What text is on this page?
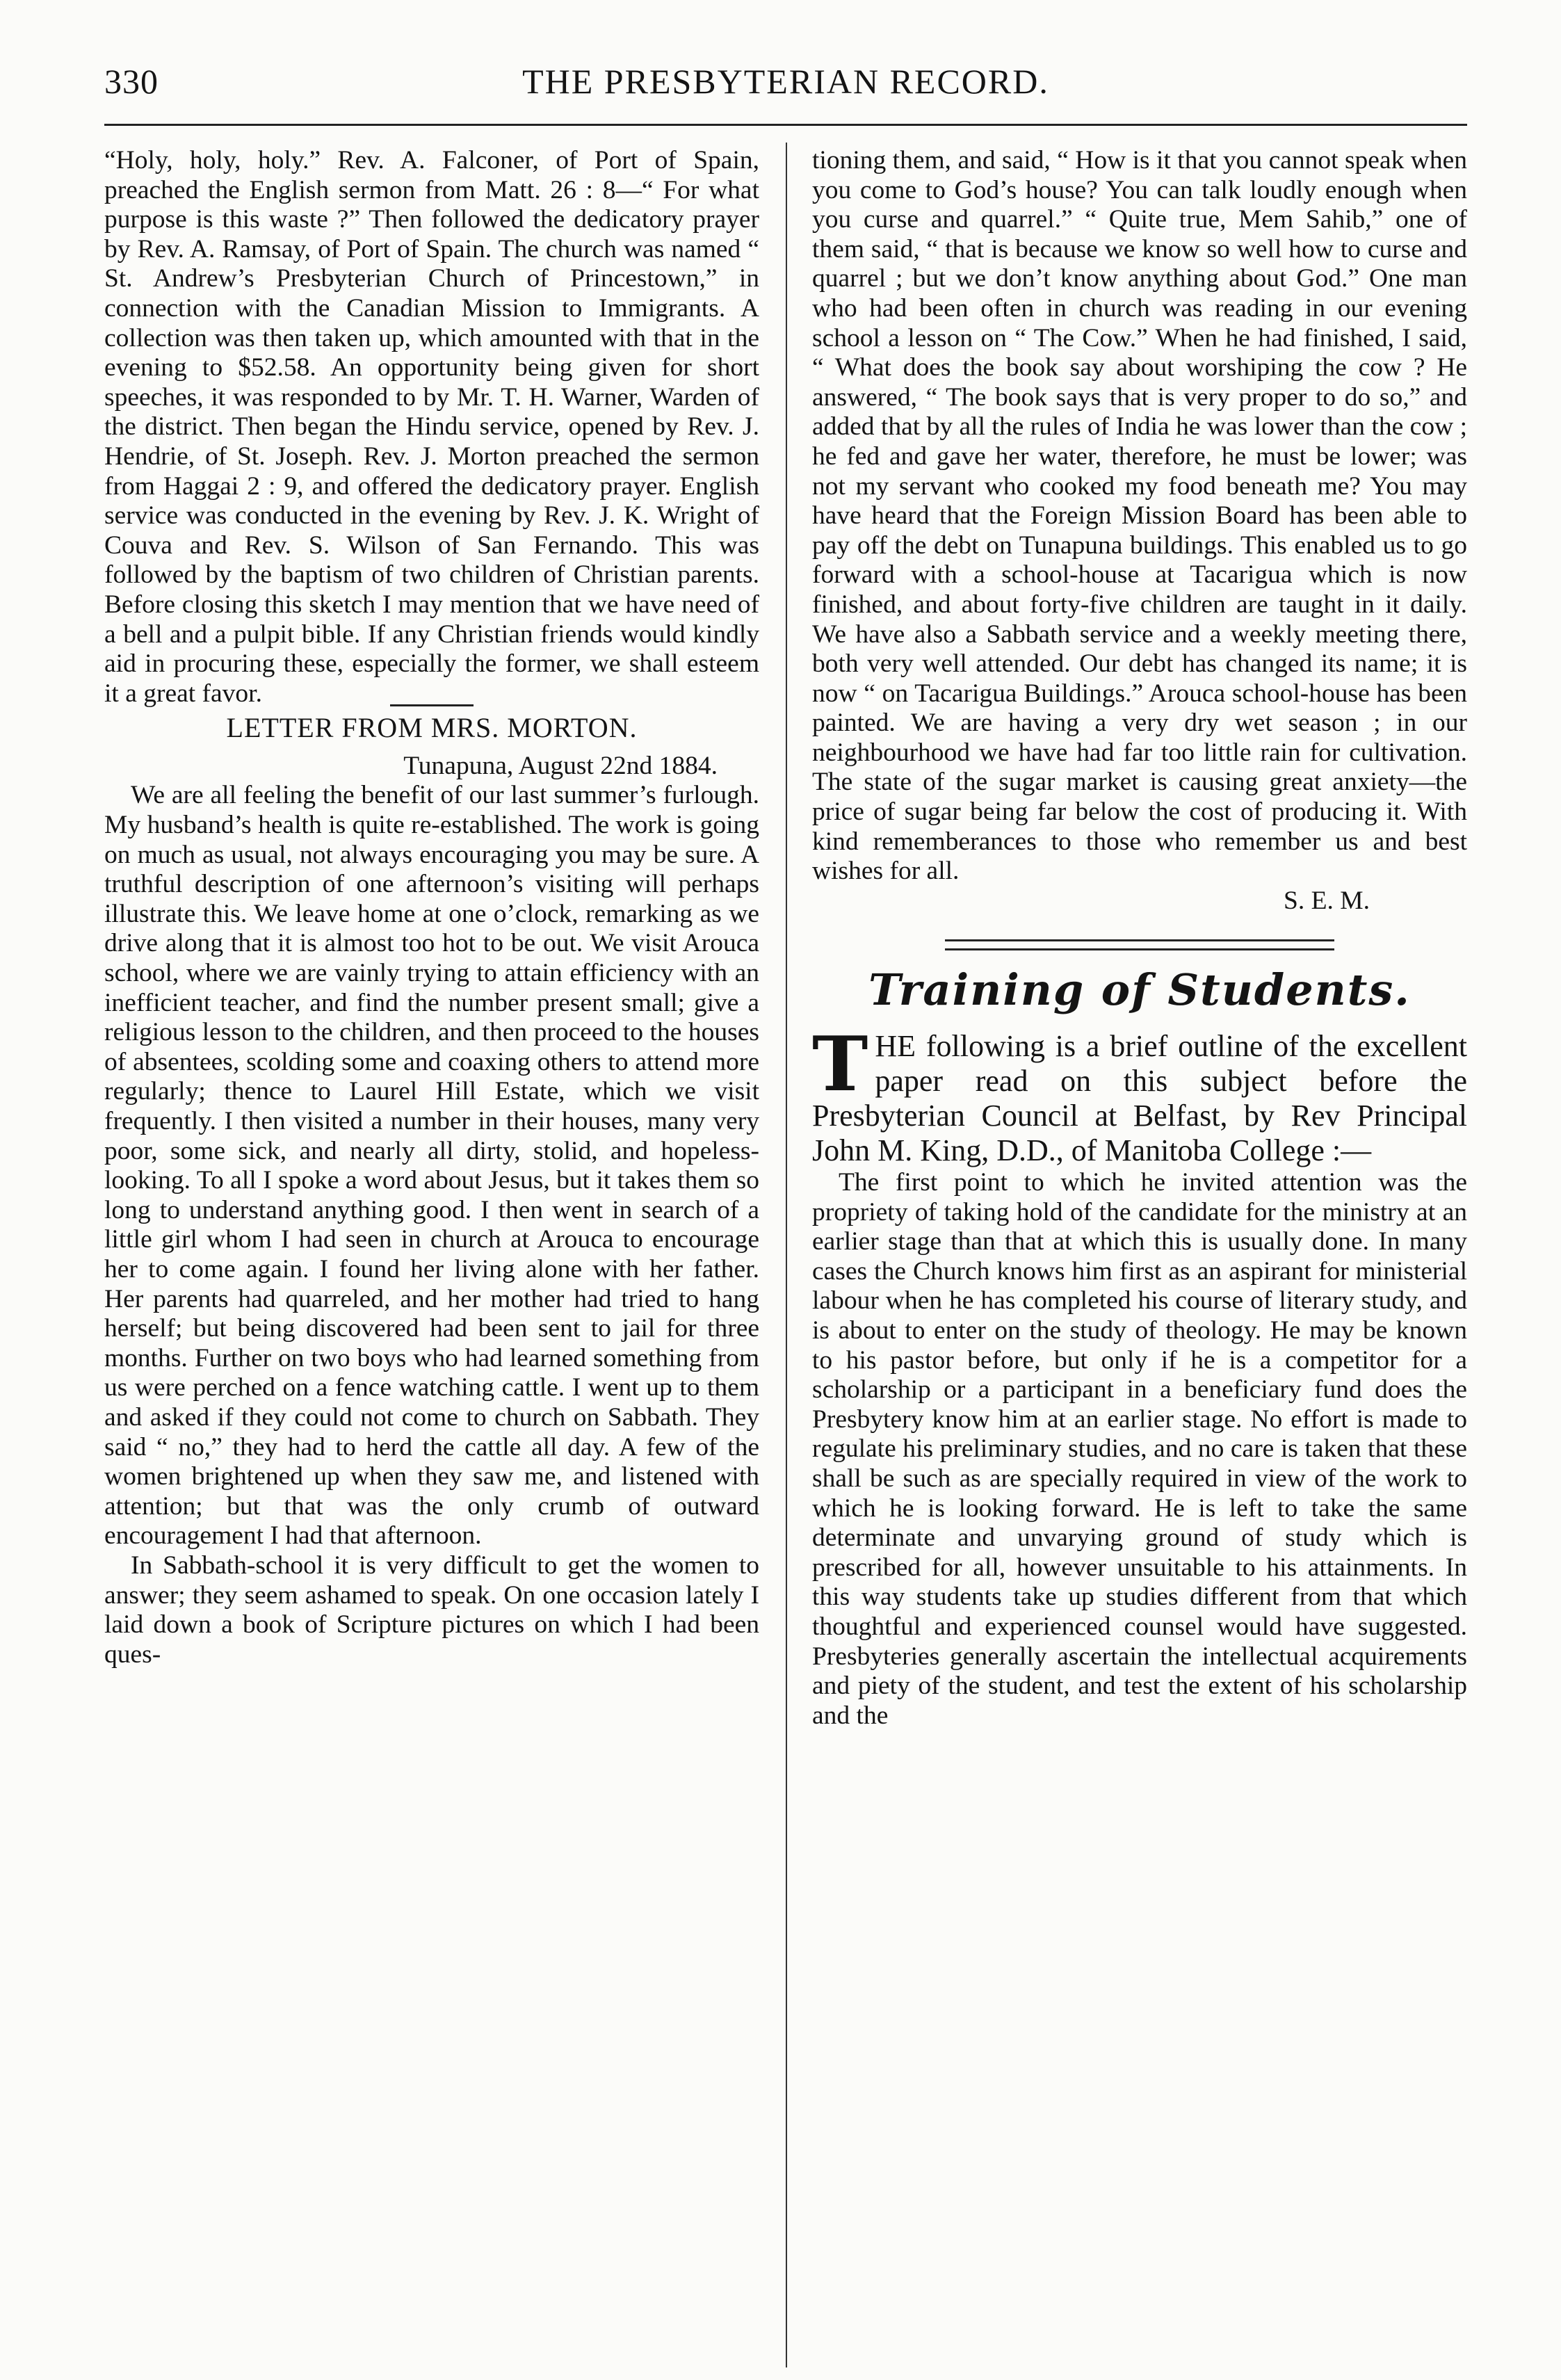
330	THE PRESBYTERIAN RECORD.

“Holy, holy, holy.” Rev. A. Falconer, of Port of Spain, preached the English sermon from Matt. 26 : 8—“ For what purpose is this waste ?” Then followed the dedicatory prayer by Rev. A. Ramsay, of Port of Spain. The church was named “ St. Andrew’s Presbyterian Church of Princestown,” in connection with the Canadian Mission to Immigrants. A collection was then taken up, which amounted with that in the evening to $52.58. An opportunity being given for short speeches, it was responded to by Mr. T. H. Warner, Warden of the district. Then began the Hindu service, opened by Rev. J. Hendrie, of St. Joseph. Rev. J. Morton preached the sermon from Haggai 2 : 9, and offered the dedicatory prayer. English service was conducted in the evening by Rev. J. K. Wright of Couva and Rev. S. Wilson of San Fernando. This was followed by the baptism of two children of Christian parents. Before closing this sketch I may mention that we have need of a bell and a pulpit bible. If any Christian friends would kindly aid in procuring these, especially the former, we shall esteem it a great favor.

LETTER FROM MRS. MORTON.

Tunapuna, August 22nd 1884.

We are all feeling the benefit of our last summer’s furlough. My husband’s health is quite re-established. The work is going on much as usual, not always encouraging you may be sure. A truthful description of one afternoon’s visiting will perhaps illustrate this. We leave home at one o’clock, remarking as we drive along that it is almost too hot to be out. We visit Arouca school, where we are vainly trying to attain efficiency with an inefficient teacher, and find the number present small; give a religious lesson to the children, and then proceed to the houses of absentees, scolding some and coaxing others to attend more regularly; thence to Laurel Hill Estate, which we visit frequently. I then visited a number in their houses, many very poor, some sick, and nearly all dirty, stolid, and hopeless-looking. To all I spoke a word about Jesus, but it takes them so long to understand anything good. I then went in search of a little girl whom I had seen in church at Arouca to encourage her to come again. I found her living alone with her father. Her parents had quarreled, and her mother had tried to hang herself; but being discovered had been sent to jail for three months. Further on two boys who had learned something from us were perched on a fence watching cattle. I went up to them and asked if they could not come to church on Sabbath. They said “ no,” they had to herd the cattle all day. A few of the women brightened up when they saw me, and listened with attention; but that was the only crumb of outward encouragement I had that afternoon.

In Sabbath-school it is very difficult to get the women to answer; they seem ashamed to speak. On one occasion lately I laid down a book of Scripture pictures on which I had been ques-

tioning them, and said, “ How is it that you cannot speak when you come to God’s house? You can talk loudly enough when you curse and quarrel.” “ Quite true, Mem Sahib,” one of them said, “ that is because we know so well how to curse and quarrel ; but we don’t know anything about God.” One man who had been often in church was reading in our evening school a lesson on “ The Cow.” When he had finished, I said, “ What does the book say about worshiping the cow ? He answered, “ The book says that is very proper to do so,” and added that by all the rules of India he was lower than the cow ; he fed and gave her water, therefore, he must be lower; was not my servant who cooked my food beneath me? You may have heard that the Foreign Mission Board has been able to pay off the debt on Tunapuna buildings. This enabled us to go forward with a school-house at Tacarigua which is now finished, and about forty-five children are taught in it daily. We have also a Sabbath service and a weekly meeting there, both very well attended. Our debt has changed its name; it is now “ on Tacarigua Buildings.” Arouca school-house has been painted. We are having a very dry wet season ; in our neighbourhood we have had far too little rain for cultivation. The state of the sugar market is causing great anxiety—the price of sugar being far below the cost of producing it. With kind rememberances to those who remember us and best wishes for all.

S. E. M.

Training of Students.

THE following is a brief outline of the excellent paper read on this subject before the Presbyterian Council at Belfast, by Rev Principal John M. King, D.D., of Manitoba College :—

The first point to which he invited attention was the propriety of taking hold of the candidate for the ministry at an earlier stage than that at which this is usually done. In many cases the Church knows him first as an aspirant for ministerial labour when he has completed his course of literary study, and is about to enter on the study of theology. He may be known to his pastor before, but only if he is a competitor for a scholarship or a participant in a beneficiary fund does the Presbytery know him at an earlier stage. No effort is made to regulate his preliminary studies, and no care is taken that these shall be such as are specially required in view of the work to which he is looking forward. He is left to take the same determinate and unvarying ground of study which is prescribed for all, however unsuitable to his attainments. In this way students take up studies different from that which thoughtful and experienced counsel would have suggested. Presbyteries generally ascertain the intellectual acquirements and piety of the student, and test the extent of his scholarship and the
